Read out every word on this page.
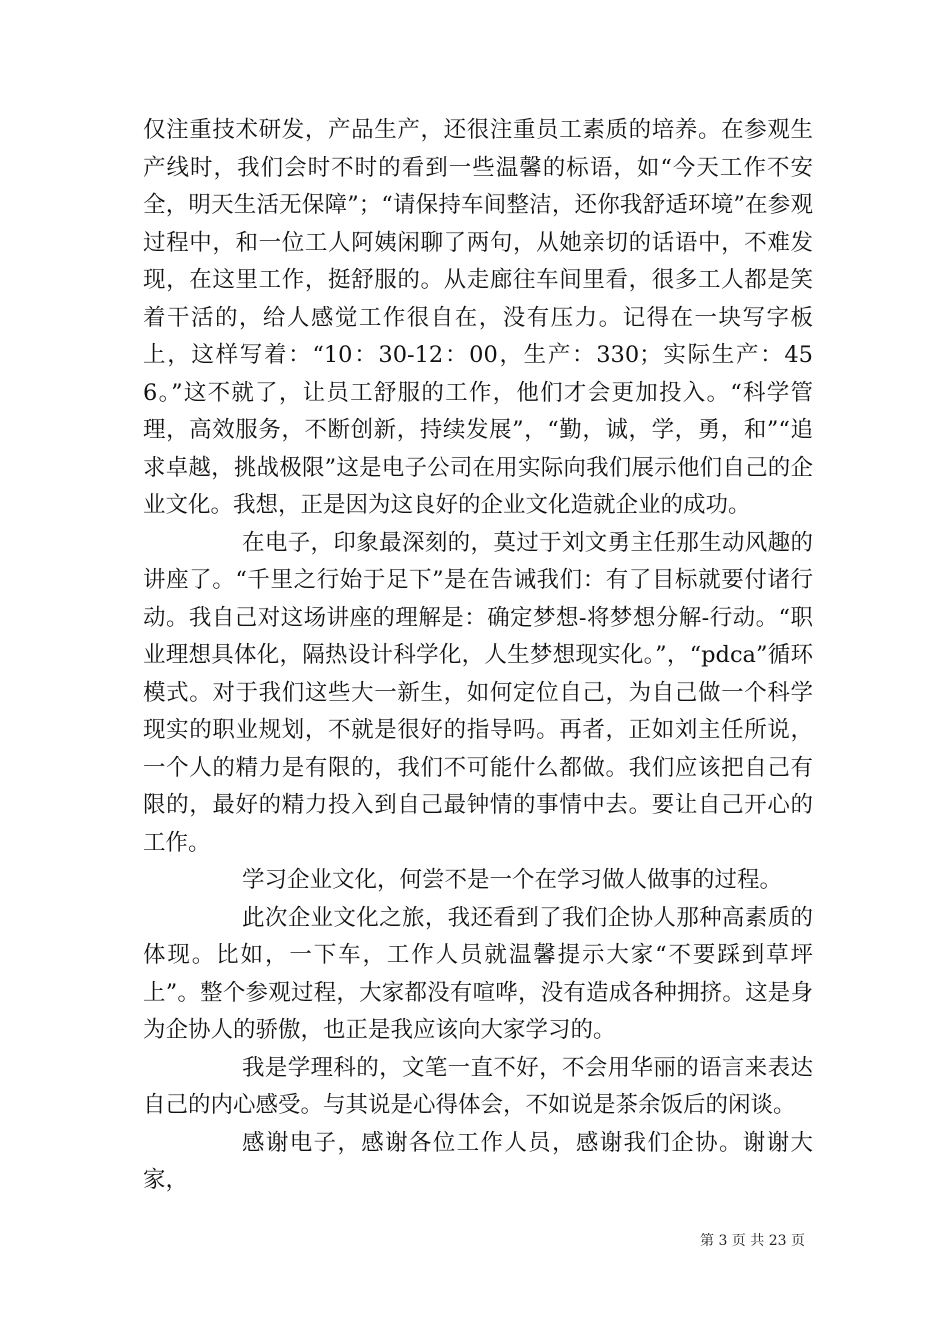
仅注重技术研发，产品生产，还很注重员工素质的培养。在参观生产线时，我们会时不时的看到一些温馨的标语，如“今天工作不安全，明天生活无保障”；“请保持车间整洁，还你我舒适环境”在参观过程中，和一位工人阿姨闲聊了两句，从她亲切的话语中，不难发现，在这里工作，挺舒服的。从走廊往车间里看，很多工人都是笑着干活的，给人感觉工作很自在，没有压力。记得在一块写字板上，这样写着：“10：30-12：00，生产：330；实际生产：456。”这不就了，让员工舒服的工作，他们才会更加投入。“科学管理，高效服务，不断创新，持续发展”，“勤，诚，学，勇，和”“追求卓越，挑战极限”这是电子公司在用实际向我们展示他们自己的企业文化。我想，正是因为这良好的企业文化造就企业的成功。

在电子，印象最深刻的，莫过于刘文勇主任那生动风趣的讲座了。“千里之行始于足下”是在告诫我们：有了目标就要付诸行动。我自己对这场讲座的理解是：确定梦想-将梦想分解-行动。“职业理想具体化，隔热设计科学化，人生梦想现实化。”，“pdca”循环模式。对于我们这些大一新生，如何定位自己，为自己做一个科学现实的职业规划，不就是很好的指导吗。再者，正如刘主任所说，一个人的精力是有限的，我们不可能什么都做。我们应该把自己有限的，最好的精力投入到自己最钟情的事情中去。要让自己开心的工作。

学习企业文化，何尝不是一个在学习做人做事的过程。

此次企业文化之旅，我还看到了我们企协人那种高素质的体现。比如，一下车，工作人员就温馨提示大家“不要踩到草坪上”。整个参观过程，大家都没有喧哗，没有造成各种拥挤。这是身为企协人的骄傲，也正是我应该向大家学习的。

我是学理科的，文笔一直不好，不会用华丽的语言来表达自己的内心感受。与其说是心得体会，不如说是茶余饭后的闲谈。

感谢电子，感谢各位工作人员，感谢我们企协。谢谢大家，

第 3 页 共 23 页
